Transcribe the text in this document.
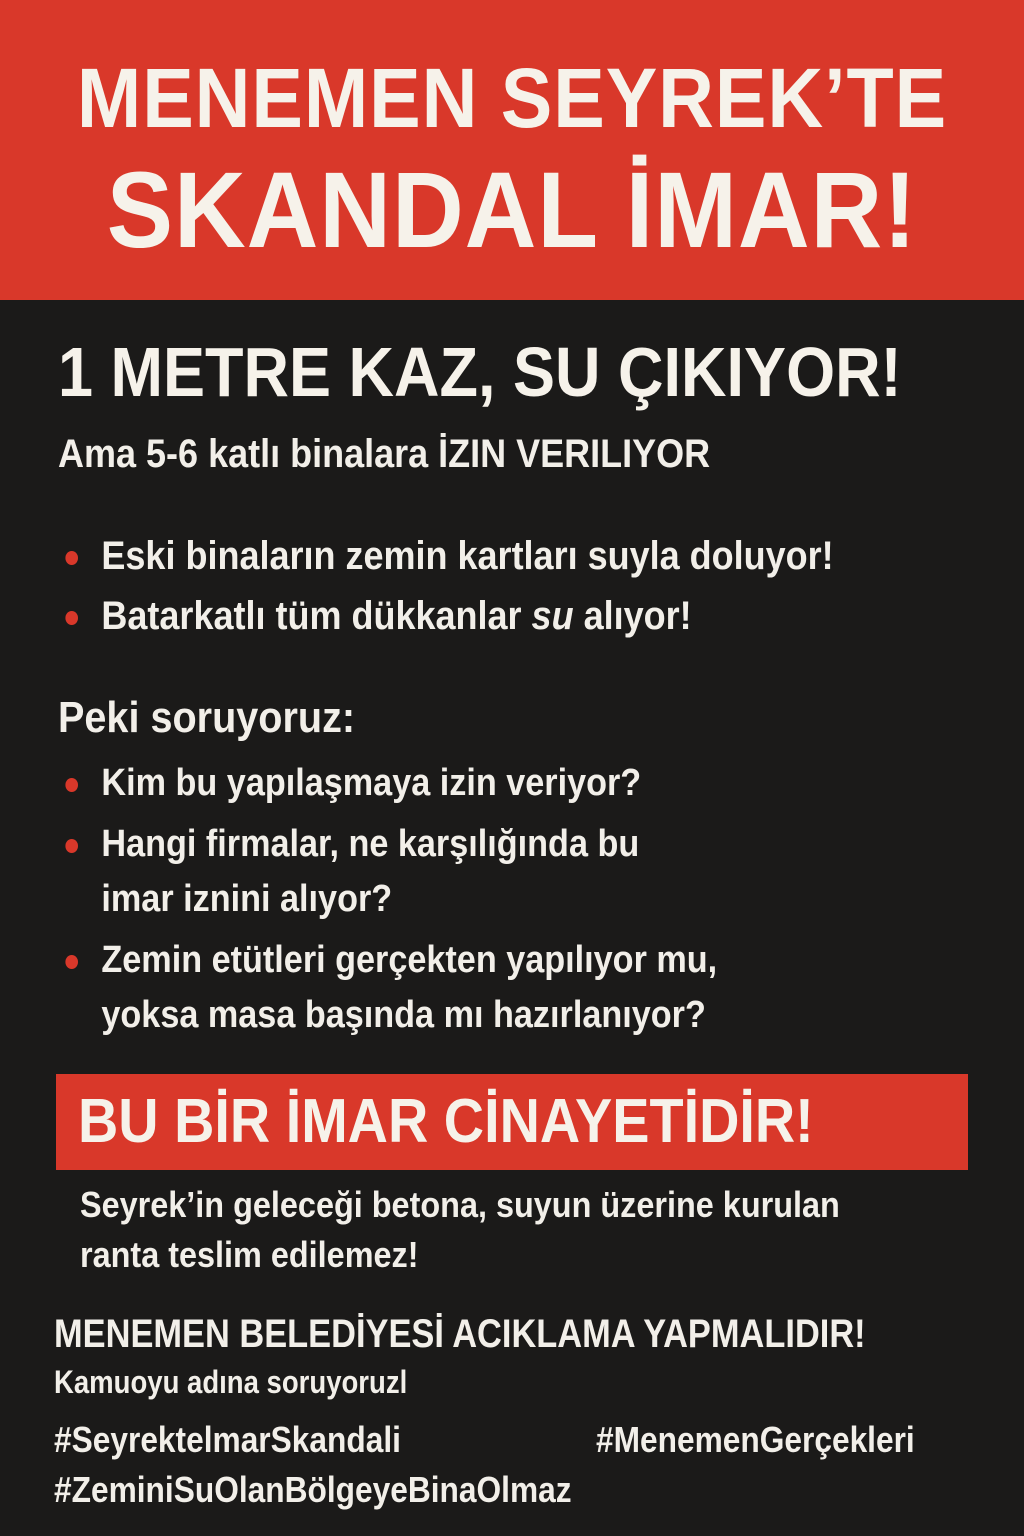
MENEMEN SEYREK’TE
SKANDAL İMAR!
1 METRE KAZ, SU ÇIKIYOR!
Ama 5-6 katlı binalara İZIN VERILIYOR
Eski binaların zemin kartları suyla doluyor!
Batarkatlı tüm dükkanlar su alıyor!
Peki soruyoruz:
Kim bu yapılaşmaya izin veriyor?
Hangi firmalar, ne karşılığında bu
imar iznini alıyor?
Zemin etütleri gerçekten yapılıyor mu,
yoksa masa başında mı hazırlanıyor?
BU BİR İMAR CİNAYETİDİR!
Seyrek’in geleceği betona, suyun üzerine kurulan
ranta teslim edilemez!
MENEMEN BELEDİYESİ ACIKLAMA YAPMALIDIR!
Kamuoyu adına soruyoruzl
#SeyrektelmarSkandali	#MenemenGerçekleri
#ZeminiSuOlanBölgeyeBinaOlmaz
